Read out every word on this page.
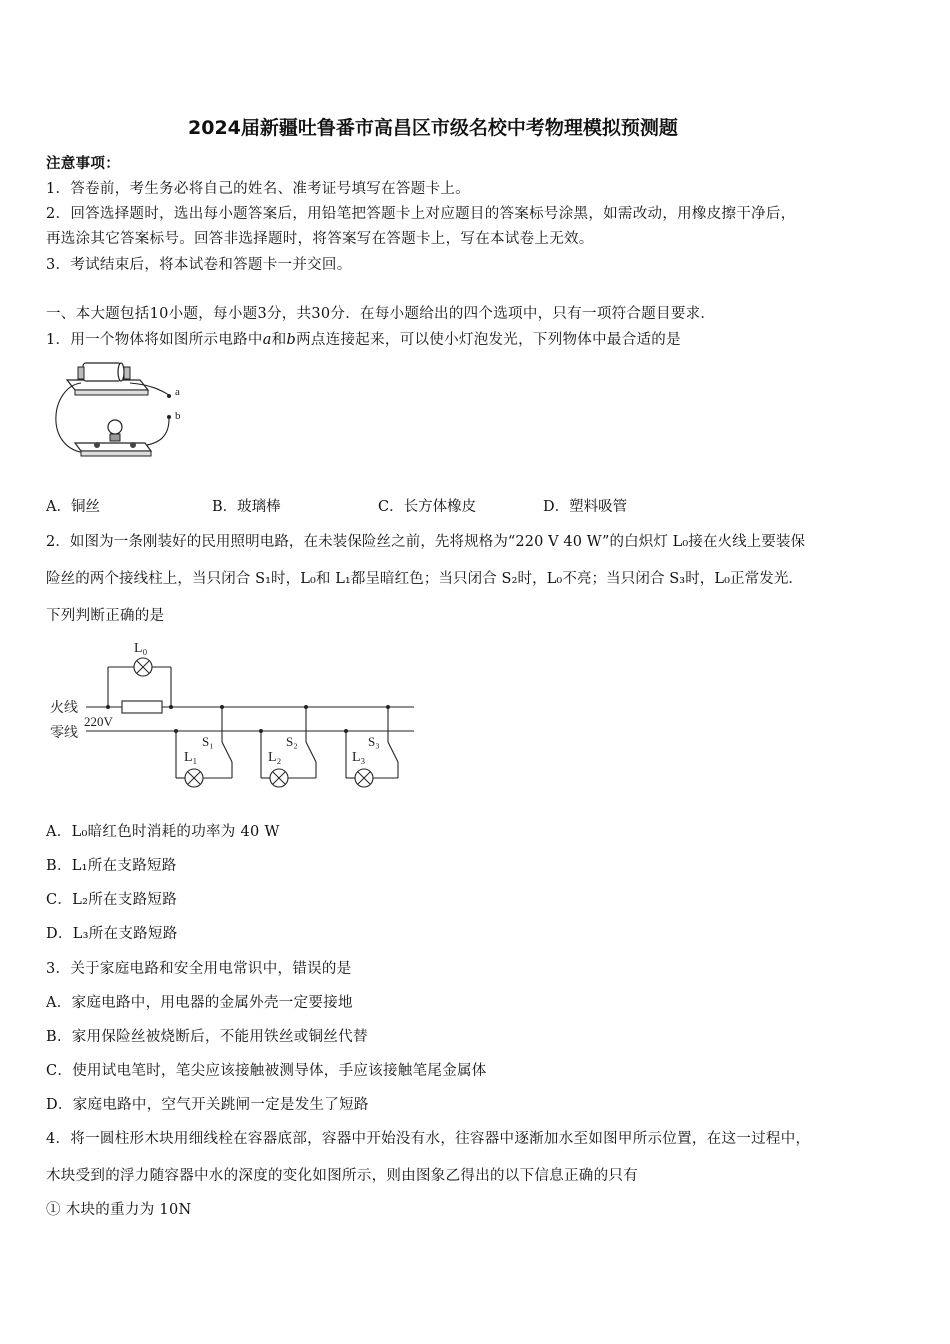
2024届新疆吐鲁番市高昌区市级名校中考物理模拟预测题
注意事项：
1．答卷前，考生务必将自己的姓名、准考证号填写在答题卡上。
2．回答选择题时，选出每小题答案后，用铅笔把答题卡上对应题目的答案标号涂黑，如需改动，用橡皮擦干净后，
再选涂其它答案标号。回答非选择题时，将答案写在答题卡上，写在本试卷上无效。
3．考试结束后，将本试卷和答题卡一并交回。
一、本大题包括10小题，每小题3分，共30分．在每小题给出的四个选项中，只有一项符合题目要求．
1．用一个物体将如图所示电路中a和b两点连接起来，可以使小灯泡发光，下列物体中最合适的是
a
b
A．铜丝	B．玻璃棒	C．长方体橡皮	D．塑料吸管
2．如图为一条刚装好的民用照明电路，在未装保险丝之前，先将规格为“220 V 40 W”的白炽灯 L₀接在火线上要装保
险丝的两个接线柱上，当只闭合 S₁时，L₀和 L₁都呈暗红色；当只闭合 S₂时，L₀不亮；当只闭合 S₃时，L₀正常发光．
下列判断正确的是
L₀
火线
220V
零线
S₁
L₁
S₂
L₂
S₃
L₃
A．L₀暗红色时消耗的功率为 40 W
B．L₁所在支路短路
C．L₂所在支路短路
D．L₃所在支路短路
3．关于家庭电路和安全用电常识中，错误的是
A．家庭电路中，用电器的金属外壳一定要接地
B．家用保险丝被烧断后，不能用铁丝或铜丝代替
C．使用试电笔时，笔尖应该接触被测导体，手应该接触笔尾金属体
D．家庭电路中，空气开关跳闸一定是发生了短路
4．将一圆柱形木块用细线栓在容器底部，容器中开始没有水，往容器中逐渐加水至如图甲所示位置，在这一过程中，
木块受到的浮力随容器中水的深度的变化如图所示，则由图象乙得出的以下信息正确的只有
① 木块的重力为 10N
